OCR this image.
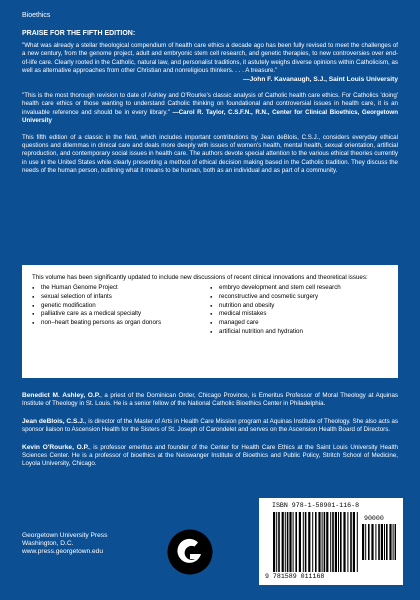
Bioethics
PRAISE FOR THE FIFTH EDITION:

"What was already a stellar theological compendium of health care ethics a decade ago has been fully revised to meet the challenges of a new century, from the genome project, adult and embryonic stem cell research, and genetic therapies, to new controversies over end-of-life care. Clearly rooted in the Catholic, natural law, and personalist traditions, it astutely weighs diverse opinions within Catholicism, as well as alternative approaches from other Christian and nonreligious thinkers. . . . A treasure."

—John F. Kavanaugh, S.J., Saint Louis University

"This is the most thorough revision to date of Ashley and O'Rourke's classic analysis of Catholic health care ethics. For Catholics 'doing' health care ethics or those wanting to understand Catholic thinking on foundational and controversial issues in health care, it is an invaluable reference and should be in every library." —Carol R. Taylor, C.S.F.N., R.N., Center for Clinical Bioethics, Georgetown University

This fifth edition of a classic in the field, which includes important contributions by Jean deBlois, C.S.J., considers everyday ethical questions and dilemmas in clinical care and deals more deeply with issues of women's health, mental health, sexual orientation, artificial reproduction, and contemporary social issues in health care. The authors devote special attention to the various ethical theories currently in use in the United States while clearly presenting a method of ethical decision making based in the Catholic tradition. They discuss the needs of the human person, outlining what it means to be human, both as an individual and as part of a community.

This volume has been significantly updated to include new discussions of recent clinical innovations and theoretical issues:
● the Human Genome Project
● sexual selection of infants
● genetic modification
● palliative care as a medical specialty
● non–heart beating persons as organ donors
● embryo development and stem cell research
● reconstructive and cosmetic surgery
● nutrition and obesity
● medical mistakes
● managed care
● artificial nutrition and hydration

Benedict M. Ashley, O.P., a priest of the Dominican Order, Chicago Province, is Emeritus Professor of Moral Theology at Aquinas Institute of Theology in St. Louis. He is a senior fellow of the National Catholic Bioethics Center in Philadelphia.

Jean deBlois, C.S.J., is director of the Master of Arts in Health Care Mission program at Aquinas Institute of Theology. She also acts as sponsor liaison to Ascension Health for the Sisters of St. Joseph of Carondelet and serves on the Ascension Health Board of Directors.

Kevin O'Rourke, O.P., is professor emeritus and founder of the Center for Health Care Ethics at the Saint Louis University Health Sciences Center. He is a professor of bioethics at the Neiswanger Institute of Bioethics and Public Policy, Stritch School of Medicine, Loyola University, Chicago.

Georgetown University Press
Washington, D.C.
www.press.georgetown.edu
ISBN 978-1-58901-116-8
90000
9 781589 011168
